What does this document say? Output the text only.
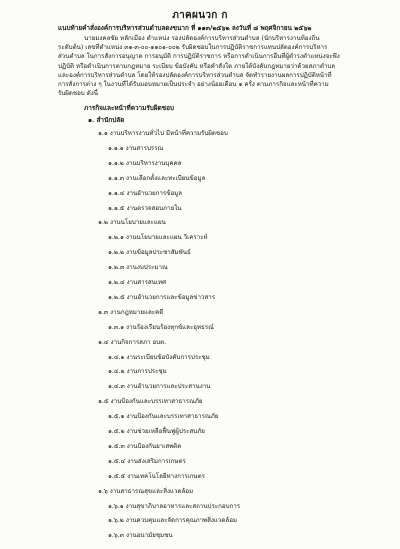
ภาคผนวก ก
แนบท้ายคำสั่งองค์การบริหารส่วนตำบลดงขนาก ที่ ๑๑๓/๒๕๖๒ ลงวันที่ ๘ พฤศจิกายน ๒๕๖๒
นายมงคลชัย หลักเมือง ตำแหน่ง รองปลัดองค์การบริหารส่วนตำบล (นักบริหารงานท้องถิ่น
ระดับต้น) เลขที่ตำแหน่ง ๓๑-๓-๐๐-๑๑๐๑-๐๐๒ รับผิดชอบในการปฏิบัติราชการแทนปลัดองค์การบริหาร
ส่วนตำบล ในการสั่งการอนุญาต การอนุมัติ การปฏิบัติราชการ หรือการดำเนินการอื่นที่ผู้ดำรงตำแหน่งจะพึง
ปฏิบัติ หรือดำเนินการตามกฎหมาย ระเบียบ ข้อบังคับ หรือคำสั่งใด ภายใต้บังคับกฎหมายว่าด้วยสภาตำบล
และองค์การบริหารส่วนตำบล โดยให้รองปลัดองค์การบริหารส่วนตำบล จัดทำรายงานผลการปฏิบัติหน้าที่
การสั่งการต่าง ๆ ในงานที่ได้รับมอบหมายเป็นประจำ อย่างน้อยเดือน ๑ ครั้ง ตามภารกิจและหน้าที่ความ
รับผิดชอบ ดังนี้
ภารกิจและหน้าที่ความรับผิดชอบ
๑. สำนักปลัด
๑.๑ งานบริหารงานทั่วไป มีหน้าที่ความรับผิดชอบ
๑.๑.๑ งานสารบรรณ
๑.๑.๒ งานบริหารงานบุคคล
๑.๑.๓ งานเลือกตั้งและทะเบียนข้อมูล
๑.๑.๔ งานอำนวยการข้อมูล
๑.๑.๕ งานตรวจสอบภายใน
๑.๒ งานนโยบายและแผน
๑.๒.๑ งานนโยบายและแผน วิเคราะห์
๑.๒.๒ งานข้อมูลประชาสัมพันธ์
๑.๒.๓ งานงบประมาณ
๑.๒.๔ งานสารสนเทศ
๑.๒.๕ งานอำนวยการและข้อมูลข่าวสาร
๑.๓ งานกฎหมายและคดี
๑.๓.๑ งานร้องเรียนร้องทุกข์และอุทธรณ์
๑.๔ งานกิจการสภา อบต.
๑.๔.๑ งานระเบียบข้อบังคับการประชุม
๑.๔.๒ งานการประชุม
๑.๔.๓ งานอำนวยการและประสานงาน
๑.๕ งานป้องกันและบรรเทาสาธารณภัย
๑.๕.๑ งานป้องกันและบรรเทาสาธารณภัย
๑.๕.๒ งานช่วยเหลือฟื้นฟูผู้ประสบภัย
๑.๕.๓ งานป้องกันยาเสพติด
๑.๕.๔ งานส่งเสริมการเกษตร
๑.๕.๕ งานเทคโนโลยีทางการเกษตร
๑.๖ งานสาธารณสุขและสิ่งแวดล้อม
๑.๖.๑ งานสุขาภิบาลอาหารและสถานประกอบการ
๑.๖.๒ งานควบคุมและจัดการคุณภาพสิ่งแวดล้อม
๑.๖.๓ งานอนามัยชุมชน
